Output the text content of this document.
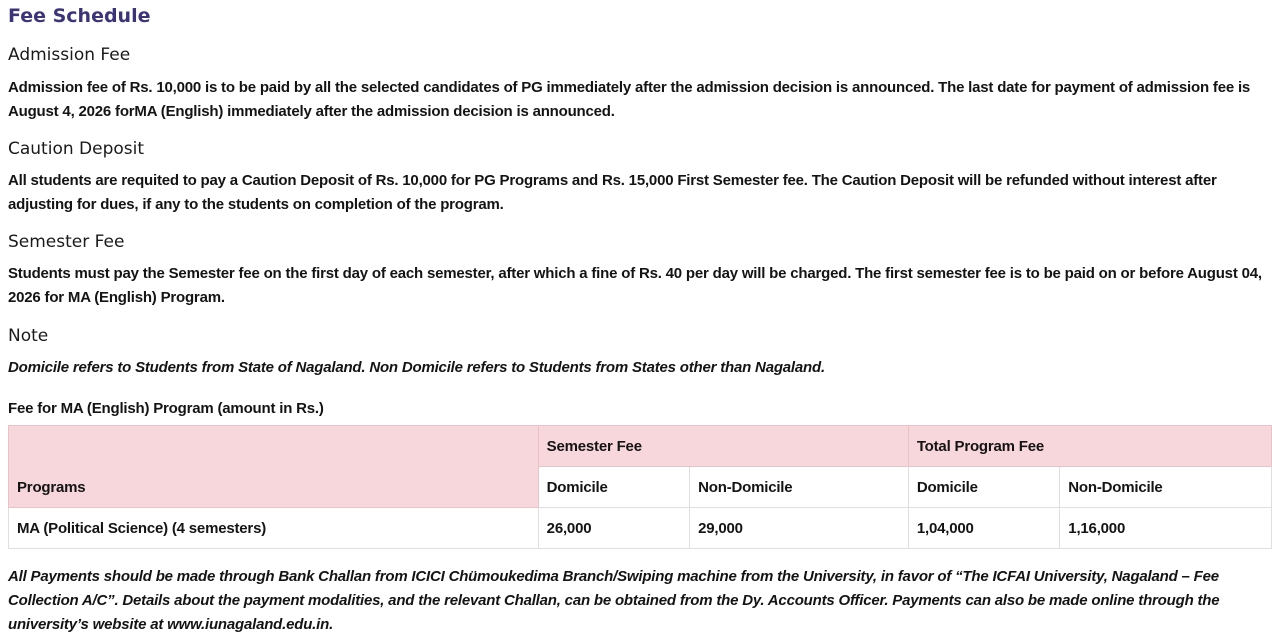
Fee Schedule
Admission Fee

Admission fee of Rs. 10,000 is to be paid by all the selected candidates of PG immediately after the admission decision is announced. The last date for payment of admission fee is August 4, 2026 forMA (English) immediately after the admission decision is announced.

Caution Deposit

All students are requited to pay a Caution Deposit of Rs. 10,000 for PG Programs and Rs. 15,000 First Semester fee. The Caution Deposit will be refunded without interest after adjusting for dues, if any to the students on completion of the program.

Semester Fee

Students must pay the Semester fee on the first day of each semester, after which a fine of Rs. 40 per day will be charged. The first semester fee is to be paid on or before August 04, 2026 for MA (English) Program.

Note

Domicile refers to Students from State of Nagaland. Non Domicile refers to Students from States other than Nagaland.

Fee for MA (English) Program (amount in Rs.)

Programs	Semester Fee		Total Program Fee	
	Domicile	Non-Domicile	Domicile	Non-Domicile
MA (Political Science) (4 semesters)	26,000	29,000	1,04,000	1,16,000

All Payments should be made through Bank Challan from ICICI Chümoukedima Branch/Swiping machine from the University, in favor of “The ICFAI University, Nagaland – Fee Collection A/C”. Details about the payment modalities, and the relevant Challan, can be obtained from the Dy. Accounts Officer. Payments can also be made online through the university’s website at www.iunagaland.edu.in.
